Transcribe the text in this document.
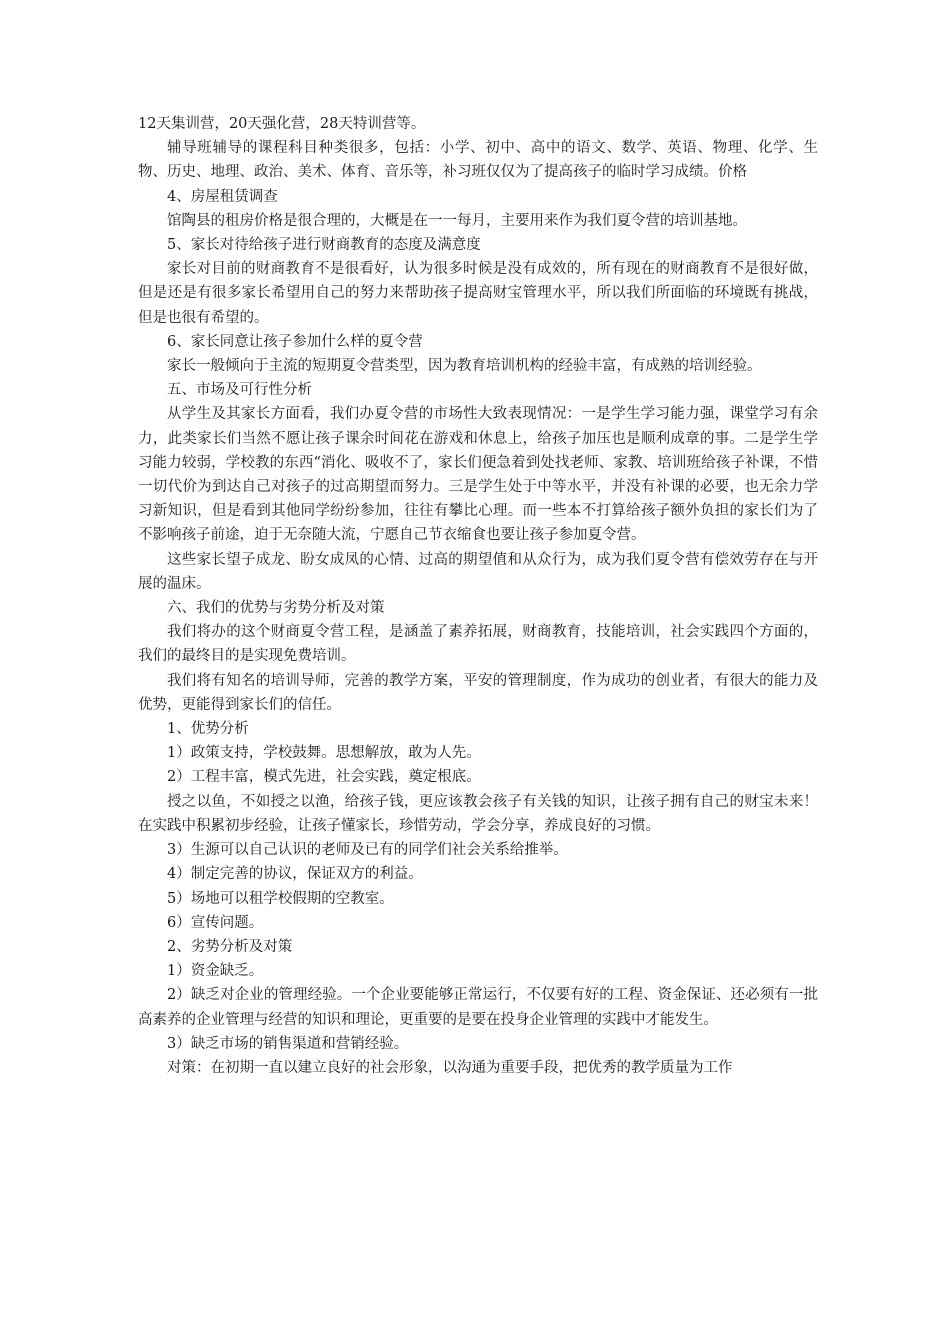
12天集训营，20天强化营，28天特训营等。

辅导班辅导的课程科目种类很多，包括：小学、初中、高中的语文、数学、英语、物理、化学、生物、历史、地理、政治、美术、体育、音乐等，补习班仅仅为了提高孩子的临时学习成绩。价格

4、房屋租赁调查

馆陶县的租房价格是很合理的，大概是在一一每月，主要用来作为我们夏令营的培训基地。

5、家长对待给孩子进行财商教育的态度及满意度

家长对目前的财商教育不是很看好，认为很多时候是没有成效的，所有现在的财商教育不是很好做，但是还是有很多家长希望用自己的努力来帮助孩子提高财宝管理水平，所以我们所面临的环境既有挑战，但是也很有希望的。

6、家长同意让孩子参加什么样的夏令营

家长一般倾向于主流的短期夏令营类型，因为教育培训机构的经验丰富，有成熟的培训经验。

五、市场及可行性分析

从学生及其家长方面看，我们办夏令营的市场性大致表现情况：一是学生学习能力强，课堂学习有余力，此类家长们当然不愿让孩子课余时间花在游戏和休息上，给孩子加压也是顺利成章的事。二是学生学习能力较弱，学校教的东西“消化、吸收不了，家长们便急着到处找老师、家教、培训班给孩子补课，不惜一切代价为到达自己对孩子的过高期望而努力。三是学生处于中等水平，并没有补课的必要，也无余力学习新知识，但是看到其他同学纷纷参加，往往有攀比心理。而一些本不打算给孩子额外负担的家长们为了不影响孩子前途，迫于无奈随大流，宁愿自己节衣缩食也要让孩子参加夏令营。

这些家长望子成龙、盼女成凤的心情、过高的期望值和从众行为，成为我们夏令营有偿效劳存在与开展的温床。

六、我们的优势与劣势分析及对策

我们将办的这个财商夏令营工程，是涵盖了素养拓展，财商教育，技能培训，社会实践四个方面的，我们的最终目的是实现免费培训。

我们将有知名的培训导师，完善的教学方案，平安的管理制度，作为成功的创业者，有很大的能力及优势，更能得到家长们的信任。

1、优势分析

1）政策支持，学校鼓舞。思想解放，敢为人先。

2）工程丰富，模式先进，社会实践，奠定根底。

授之以鱼，不如授之以渔，给孩子钱，更应该教会孩子有关钱的知识，让孩子拥有自己的财宝未来！在实践中积累初步经验，让孩子懂家长，珍惜劳动，学会分享，养成良好的习惯。

3）生源可以自己认识的老师及已有的同学们社会关系给推举。

4）制定完善的协议，保证双方的利益。

5）场地可以租学校假期的空教室。

6）宣传问题。

2、劣势分析及对策

1）资金缺乏。

2）缺乏对企业的管理经验。一个企业要能够正常运行，不仅要有好的工程、资金保证、还必须有一批高素养的企业管理与经营的知识和理论，更重要的是要在投身企业管理的实践中才能发生。

3）缺乏市场的销售渠道和营销经验。

对策：在初期一直以建立良好的社会形象，以沟通为重要手段，把优秀的教学质量为工作
